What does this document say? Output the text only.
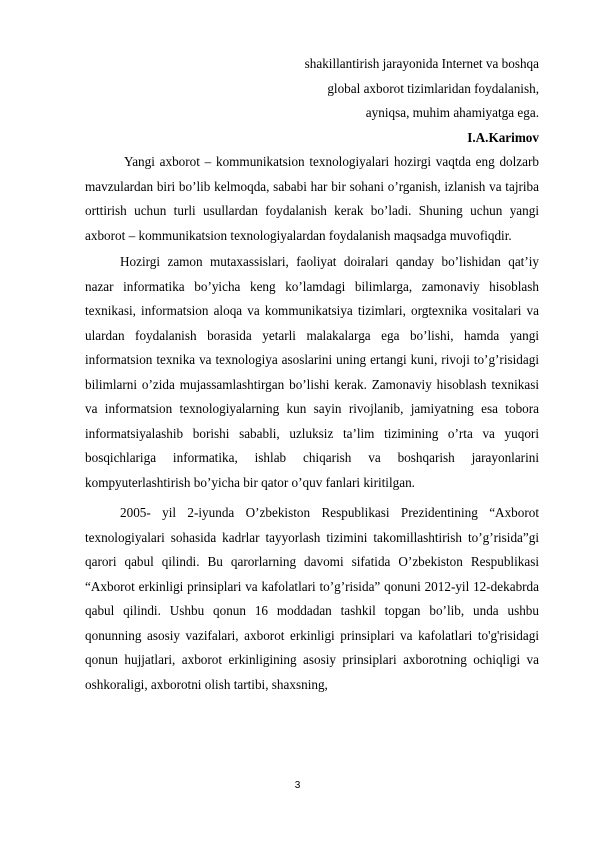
shakillantirish jarayonida Internet va boshqa

global axborot tizimlaridan foydalanish,

ayniqsa, muhim ahamiyatga ega.

I.A.Karimov

Yangi axborot – kommunikatsion texnologiyalari hozirgi vaqtda eng dolzarb mavzulardan biri bo’lib kelmoqda, sababi har bir sohani o’rganish, izlanish va tajriba orttirish uchun turli usullardan foydalanish kerak bo’ladi. Shuning uchun yangi axborot – kommunikatsion texnologiyalardan foydalanish maqsadga muvofiqdir.

Hozirgi zamon mutaxassislari, faoliyat doiralari qanday bo’lishidan qat’iy nazar informatika bo’yicha keng ko’lamdagi bilimlarga, zamonaviy hisoblash texnikasi, informatsion aloqa va kommunikatsiya tizimlari, orgtexnika vositalari va ulardan foydalanish borasida yetarli malakalarga ega bo’lishi, hamda yangi informatsion texnika va texnologiya asoslarini uning ertangi kuni, rivoji to’g’risidagi bilimlarni o’zida mujassamlashtirgan bo’lishi kerak. Zamonaviy hisoblash texnikasi va informatsion texnologiyalarning kun sayin rivojlanib, jamiyatning esa tobora informatsiyalashib borishi sababli, uzluksiz ta’lim tizimining o’rta va yuqori bosqichlariga informatika, ishlab chiqarish va boshqarish jarayonlarini kompyuterlashtirish bo’yicha bir qator o’quv fanlari kiritilgan.

2005- yil 2-iyunda O’zbekiston Respublikasi Prezidentining “Axborot texnologiyalari sohasida kadrlar tayyorlash tizimini takomillashtirish to’g’risida”gi qarori qabul qilindi. Bu qarorlarning davomi sifatida O’zbekiston Respublikasi “Axborot erkinligi prinsiplari va kafolatlari to’g’risida” qonuni 2012-yil 12-dekabrda qabul qilindi. Ushbu qonun 16 moddadan tashkil topgan bo’lib, unda ushbu qonunning asosiy vazifalari, axborot erkinligi prinsiplari va kafolatlari to'g'risidagi qonun hujjatlari, axborot erkinligining asosiy prinsiplari axborotning ochiqligi va oshkoraligi, axborotni olish tartibi, shaxsning,

3
